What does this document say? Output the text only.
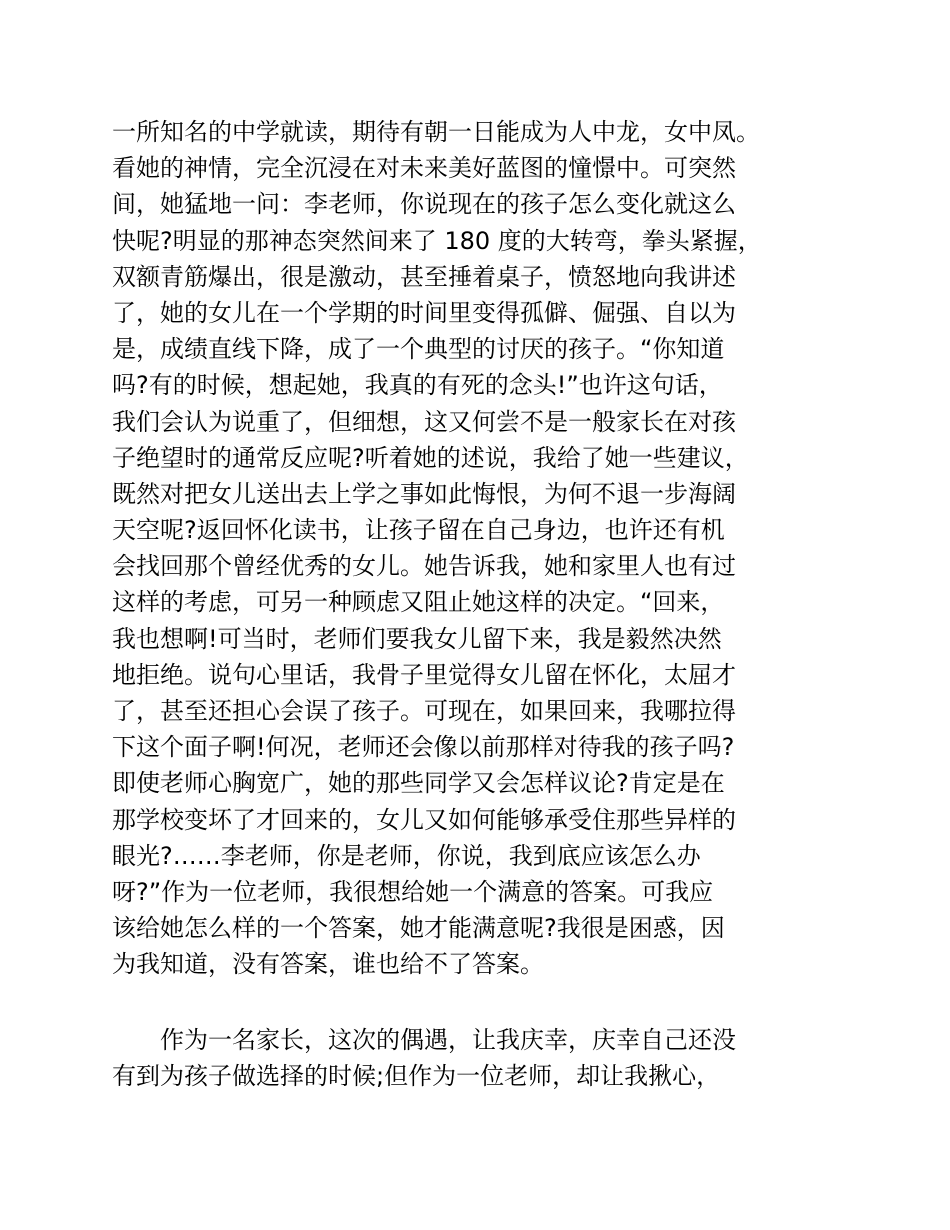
一所知名的中学就读，期待有朝一日能成为人中龙，女中凤。
看她的神情，完全沉浸在对未来美好蓝图的憧憬中。可突然
间，她猛地一问：李老师，你说现在的孩子怎么变化就这么
快呢?明显的那神态突然间来了 180 度的大转弯，拳头紧握，
双额青筋爆出，很是激动，甚至捶着桌子，愤怒地向我讲述
了，她的女儿在一个学期的时间里变得孤僻、倔强、自以为
是，成绩直线下降，成了一个典型的讨厌的孩子。“你知道
吗?有的时候，想起她，我真的有死的念头!”也许这句话，
我们会认为说重了，但细想，这又何尝不是一般家长在对孩
子绝望时的通常反应呢?听着她的述说，我给了她一些建议，
既然对把女儿送出去上学之事如此悔恨，为何不退一步海阔
天空呢?返回怀化读书，让孩子留在自己身边，也许还有机
会找回那个曾经优秀的女儿。她告诉我，她和家里人也有过
这样的考虑，可另一种顾虑又阻止她这样的决定。“回来，
我也想啊!可当时，老师们要我女儿留下来，我是毅然决然
地拒绝。说句心里话，我骨子里觉得女儿留在怀化，太屈才
了，甚至还担心会误了孩子。可现在，如果回来，我哪拉得
下这个面子啊!何况，老师还会像以前那样对待我的孩子吗?
即使老师心胸宽广，她的那些同学又会怎样议论?肯定是在
那学校变坏了才回来的，女儿又如何能够承受住那些异样的
眼光?……李老师，你是老师，你说，我到底应该怎么办
呀?”作为一位老师，我很想给她一个满意的答案。可我应
该给她怎么样的一个答案，她才能满意呢?我很是困惑，因
为我知道，没有答案，谁也给不了答案。
　　作为一名家长，这次的偶遇，让我庆幸，庆幸自己还没
有到为孩子做选择的时候;但作为一位老师，却让我揪心，
